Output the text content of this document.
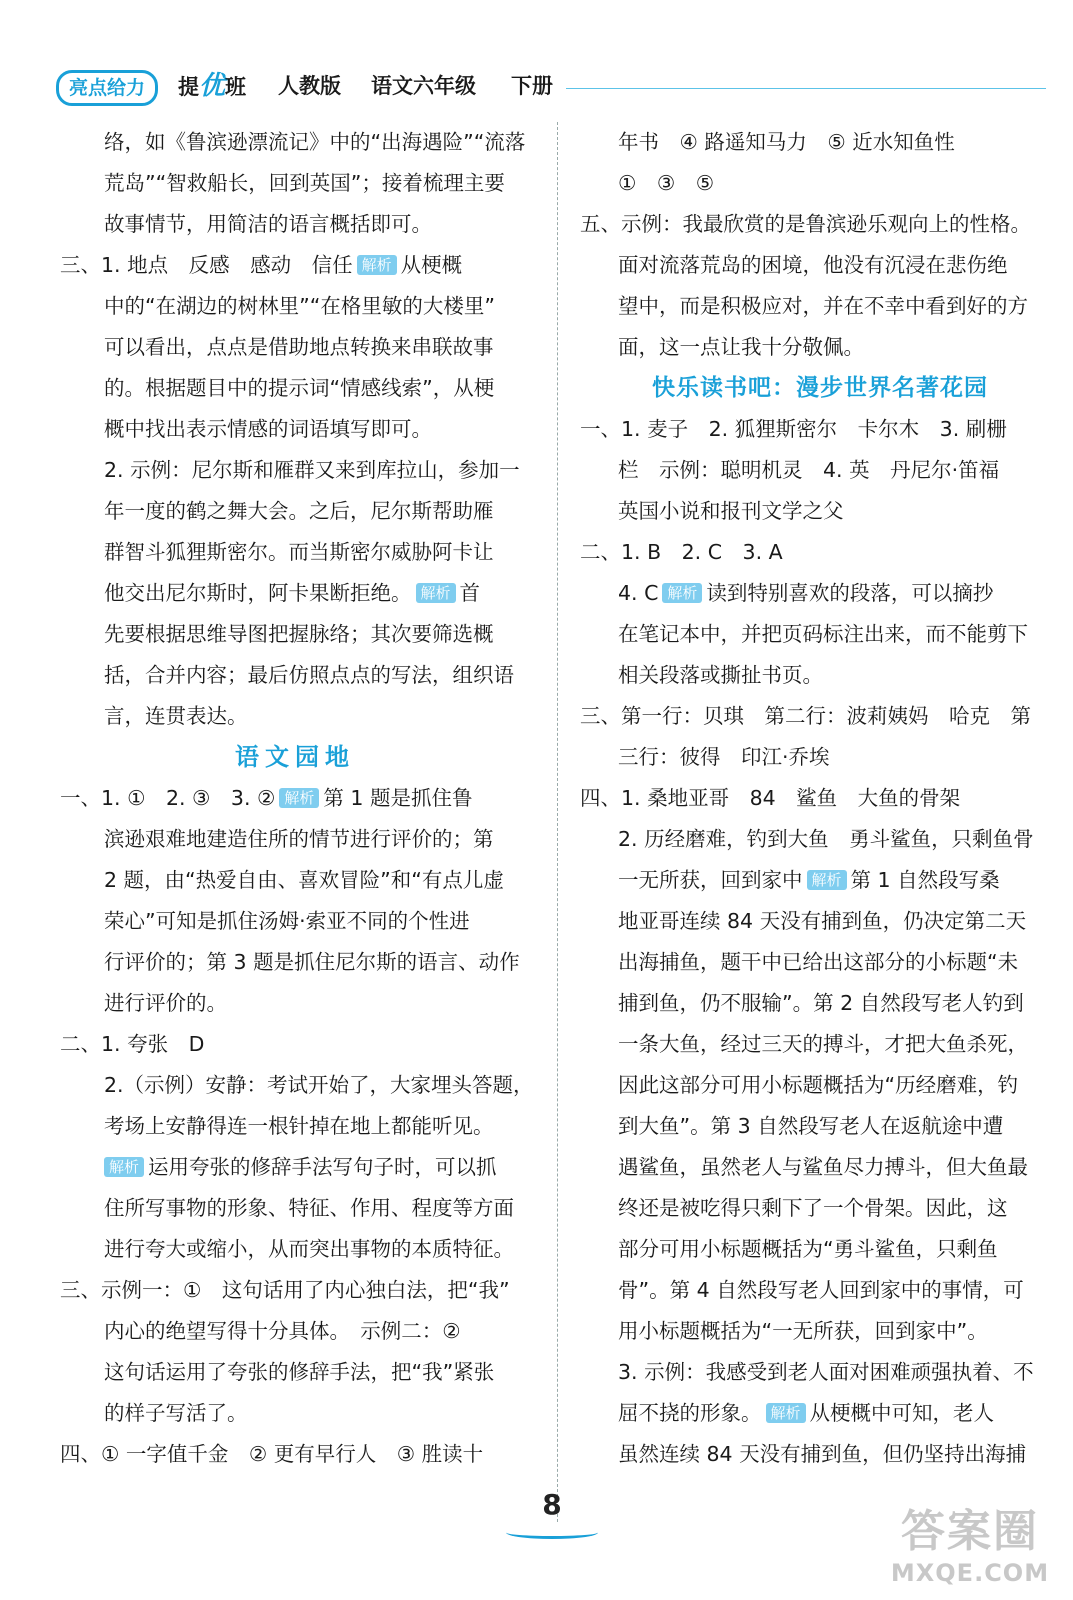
亮点给力	提优班 人教版 语文六年级 下册
络，如《鲁滨逊漂流记》中的“出海遇险”“流落
荒岛”“智救船长，回到英国”；接着梳理主要
故事情节，用简洁的语言概括即可。
三、1. 地点　反感　感动　信任 解析 从梗概
中的“在湖边的树林里”“在格里敏的大楼里”
可以看出，点点是借助地点转换来串联故事
的。根据题目中的提示词“情感线索”，从梗
概中找出表示情感的词语填写即可。
2. 示例：尼尔斯和雁群又来到库拉山，参加一
年一度的鹤之舞大会。之后，尼尔斯帮助雁
群智斗狐狸斯密尔。而当斯密尔威胁阿卡让
他交出尼尔斯时，阿卡果断拒绝。 解析 首
先要根据思维导图把握脉络；其次要筛选概
括，合并内容；最后仿照点点的写法，组织语
言，连贯表达。
语文园地
一、1. ①　2. ③　3. ② 解析 第 1 题是抓住鲁
滨逊艰难地建造住所的情节进行评价的；第
2 题，由“热爱自由、喜欢冒险”和“有点儿虚
荣心”可知是抓住汤姆·索亚不同的个性进
行评价的；第 3 题是抓住尼尔斯的语言、动作
进行评价的。
二、1. 夸张　D
2.（示例）安静：考试开始了，大家埋头答题，
考场上安静得连一根针掉在地上都能听见。
解析 运用夸张的修辞手法写句子时，可以抓
住所写事物的形象、特征、作用、程度等方面
进行夸大或缩小，从而突出事物的本质特征。
三、示例一：①　这句话用了内心独白法，把“我”
内心的绝望写得十分具体。　示例二：②
这句话运用了夸张的修辞手法，把“我”紧张
的样子写活了。
四、① 一字值千金　② 更有早行人　③ 胜读十
年书　④ 路遥知马力　⑤ 近水知鱼性
①　③　⑤
五、示例：我最欣赏的是鲁滨逊乐观向上的性格。
面对流落荒岛的困境，他没有沉浸在悲伤绝
望中，而是积极应对，并在不幸中看到好的方
面，这一点让我十分敬佩。
快乐读书吧：漫步世界名著花园
一、1. 麦子　2. 狐狸斯密尔　卡尔木　3. 刷栅
栏　示例：聪明机灵　4. 英　丹尼尔·笛福
英国小说和报刊文学之父
二、1. B　2. C　3. A
4. C 解析 读到特别喜欢的段落，可以摘抄
在笔记本中，并把页码标注出来，而不能剪下
相关段落或撕扯书页。
三、第一行：贝琪　第二行：波莉姨妈　哈克　第
三行：彼得　印江·乔埃
四、1. 桑地亚哥　84　鲨鱼　大鱼的骨架
2. 历经磨难，钓到大鱼　勇斗鲨鱼，只剩鱼骨
一无所获，回到家中 解析 第 1 自然段写桑
地亚哥连续 84 天没有捕到鱼，仍决定第二天
出海捕鱼，题干中已给出这部分的小标题“未
捕到鱼，仍不服输”。第 2 自然段写老人钓到
一条大鱼，经过三天的搏斗，才把大鱼杀死，
因此这部分可用小标题概括为“历经磨难，钓
到大鱼”。第 3 自然段写老人在返航途中遭
遇鲨鱼，虽然老人与鲨鱼尽力搏斗，但大鱼最
终还是被吃得只剩下了一个骨架。因此，这
部分可用小标题概括为“勇斗鲨鱼，只剩鱼
骨”。第 4 自然段写老人回到家中的事情，可
用小标题概括为“一无所获，回到家中”。
3. 示例：我感受到老人面对困难顽强执着、不
屈不挠的形象。 解析 从梗概中可知，老人
虽然连续 84 天没有捕到鱼，但仍坚持出海捕
8
答案圈
MXQE.COM
